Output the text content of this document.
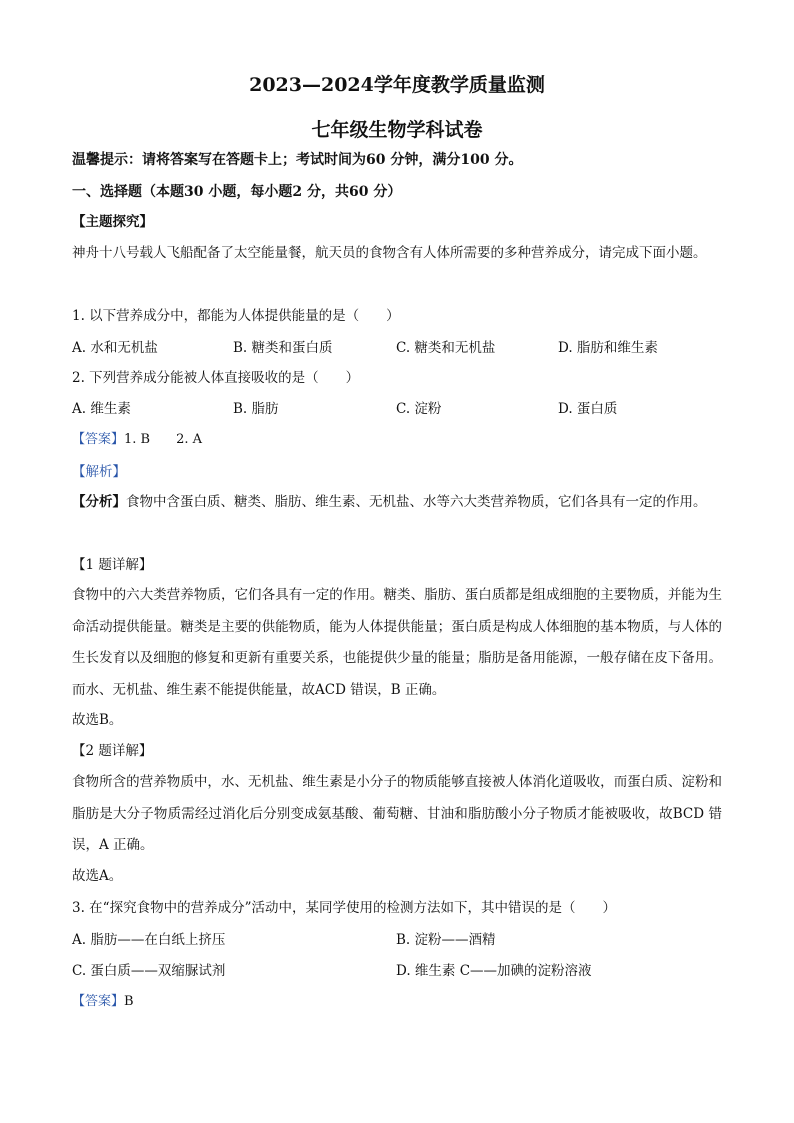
2023—2024学年度教学质量监测
七年级生物学科试卷
温馨提示：请将答案写在答题卡上；考试时间为60 分钟，满分100 分。
一、选择题（本题30 小题，每小题2 分，共60 分）
【主题探究】
神舟十八号载人飞船配备了太空能量餐，航天员的食物含有人体所需要的多种营养成分，请完成下面小题。
1. 以下营养成分中，都能为人体提供能量的是（　　）
A. 水和无机盐	B. 糖类和蛋白质	C. 糖类和无机盐	D. 脂肪和维生素
2. 下列营养成分能被人体直接吸收的是（　　）
A. 维生素	B. 脂肪	C. 淀粉	D. 蛋白质
【答案】1. B　　2. A
【解析】
【分析】食物中含蛋白质、糖类、脂肪、维生素、无机盐、水等六大类营养物质，它们各具有一定的作用。
【1 题详解】
食物中的六大类营养物质，它们各具有一定的作用。糖类、脂肪、蛋白质都是组成细胞的主要物质，并能为生命活动提供能量。糖类是主要的供能物质，能为人体提供能量；蛋白质是构成人体细胞的基本物质，与人体的生长发育以及细胞的修复和更新有重要关系，也能提供少量的能量；脂肪是备用能源，一般存储在皮下备用。而水、无机盐、维生素不能提供能量，故ACD 错误，B 正确。
故选B。
【2 题详解】
食物所含的营养物质中，水、无机盐、维生素是小分子的物质能够直接被人体消化道吸收，而蛋白质、淀粉和脂肪是大分子物质需经过消化后分别变成氨基酸、葡萄糖、甘油和脂肪酸小分子物质才能被吸收，故BCD 错误，A 正确。
故选A。
3. 在“探究食物中的营养成分”活动中，某同学使用的检测方法如下，其中错误的是（　　）
A. 脂肪——在白纸上挤压	B. 淀粉——酒精
C. 蛋白质——双缩脲试剂	D. 维生素 C——加碘的淀粉溶液
【答案】B
